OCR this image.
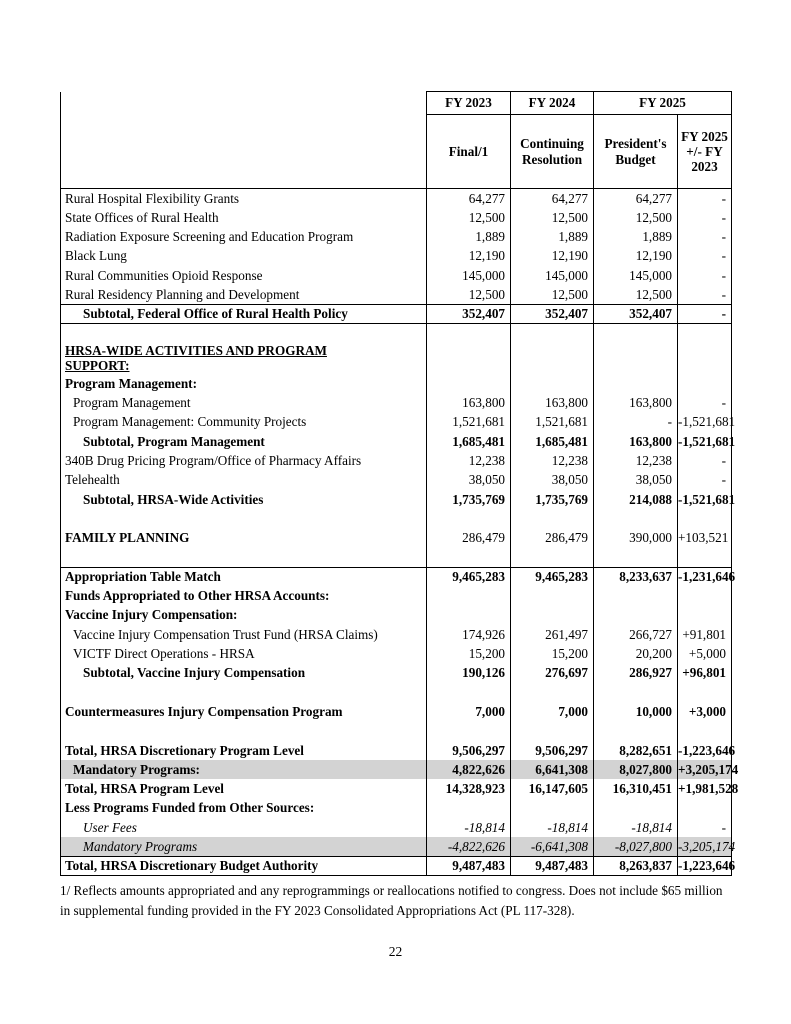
	FY 2023	FY 2024	FY 2025	
	Final/1	Continuing Resolution	President's Budget	FY 2025 +/- FY 2023
Rural Hospital Flexibility Grants	64,277	64,277	64,277	-
State Offices of Rural Health	12,500	12,500	12,500	-
Radiation Exposure Screening and Education Program	1,889	1,889	1,889	-
Black Lung	12,190	12,190	12,190	-
Rural Communities Opioid Response	145,000	145,000	145,000	-
Rural Residency Planning and Development	12,500	12,500	12,500	-
Subtotal, Federal Office of Rural Health Policy	352,407	352,407	352,407	-

HRSA-WIDE ACTIVITIES AND PROGRAM SUPPORT:				
Program Management:				
Program Management	163,800	163,800	163,800	-
Program Management: Community Projects	1,521,681	1,521,681	-	-1,521,681
Subtotal, Program Management	1,685,481	1,685,481	163,800	-1,521,681
340B Drug Pricing Program/Office of Pharmacy Affairs	12,238	12,238	12,238	-
Telehealth	38,050	38,050	38,050	-
Subtotal, HRSA-Wide Activities	1,735,769	1,735,769	214,088	-1,521,681

FAMILY PLANNING	286,479	286,479	390,000	+103,521

Appropriation Table Match	9,465,283	9,465,283	8,233,637	-1,231,646
Funds Appropriated to Other HRSA Accounts:				
Vaccine Injury Compensation:				
Vaccine Injury Compensation Trust Fund (HRSA Claims)	174,926	261,497	266,727	+91,801
VICTF Direct Operations - HRSA	15,200	15,200	20,200	+5,000
Subtotal, Vaccine Injury Compensation	190,126	276,697	286,927	+96,801

Countermeasures Injury Compensation Program	7,000	7,000	10,000	+3,000

Total, HRSA Discretionary Program Level	9,506,297	9,506,297	8,282,651	-1,223,646
Mandatory Programs:	4,822,626	6,641,308	8,027,800	+3,205,174
Total, HRSA Program Level	14,328,923	16,147,605	16,310,451	+1,981,528
Less Programs Funded from Other Sources:				
User Fees	-18,814	-18,814	-18,814	-
Mandatory Programs	-4,822,626	-6,641,308	-8,027,800	-3,205,174
Total, HRSA Discretionary Budget Authority	9,487,483	9,487,483	8,263,837	-1,223,646
1/ Reflects amounts appropriated and any reprogrammings or reallocations notified to congress. Does not include $65 million in supplemental funding provided in the FY 2023 Consolidated Appropriations Act (PL 117-328).
22
